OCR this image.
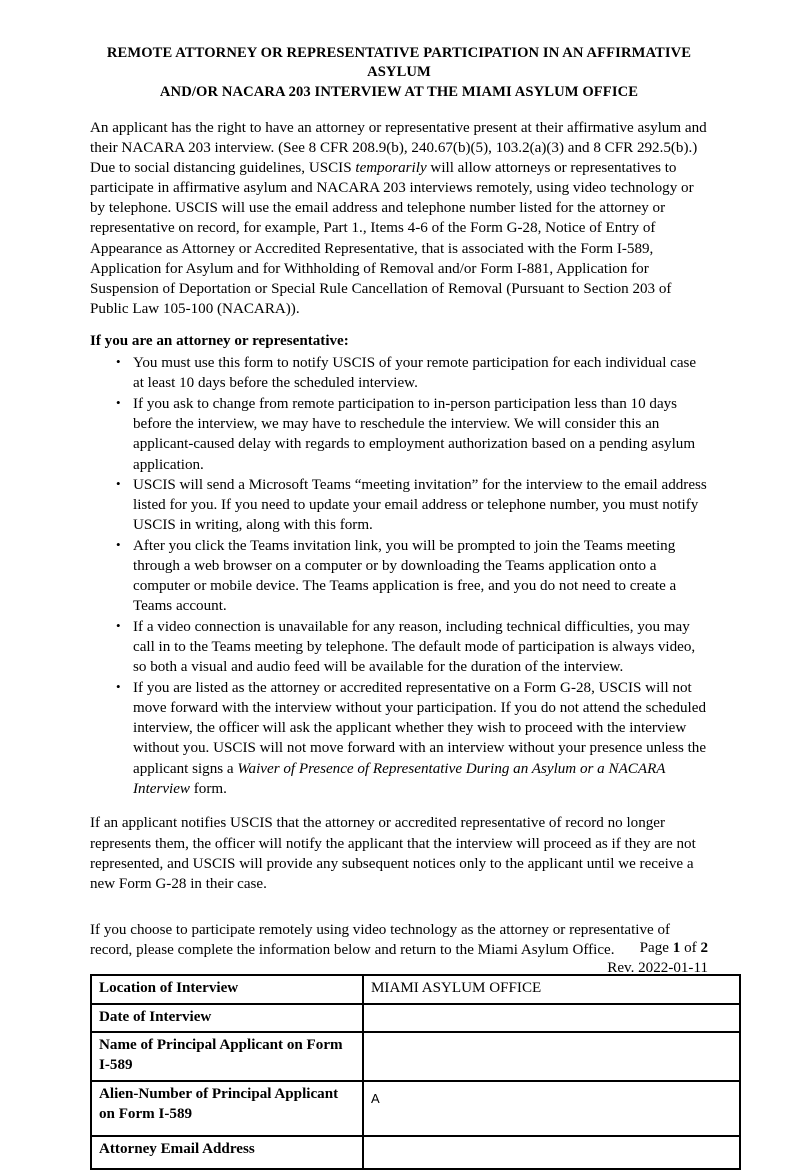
REMOTE ATTORNEY OR REPRESENTATIVE PARTICIPATION IN AN AFFIRMATIVE ASYLUM
AND/OR NACARA 203 INTERVIEW AT THE MIAMI ASYLUM OFFICE

An applicant has the right to have an attorney or representative present at their affirmative asylum and their NACARA 203 interview. (See 8 CFR 208.9(b), 240.67(b)(5), 103.2(a)(3) and 8 CFR 292.5(b).) Due to social distancing guidelines, USCIS temporarily will allow attorneys or representatives to participate in affirmative asylum and NACARA 203 interviews remotely, using video technology or by telephone. USCIS will use the email address and telephone number listed for the attorney or representative on record, for example, Part 1., Items 4-6 of the Form G-28, Notice of Entry of Appearance as Attorney or Accredited Representative, that is associated with the Form I-589, Application for Asylum and for Withholding of Removal and/or Form I-881, Application for Suspension of Deportation or Special Rule Cancellation of Removal (Pursuant to Section 203 of Public Law 105-100 (NACARA)).

If you are an attorney or representative:
• You must use this form to notify USCIS of your remote participation for each individual case at least 10 days before the scheduled interview.
• If you ask to change from remote participation to in-person participation less than 10 days before the interview, we may have to reschedule the interview. We will consider this an applicant-caused delay with regards to employment authorization based on a pending asylum application.
• USCIS will send a Microsoft Teams “meeting invitation” for the interview to the email address listed for you. If you need to update your email address or telephone number, you must notify USCIS in writing, along with this form.
• After you click the Teams invitation link, you will be prompted to join the Teams meeting through a web browser on a computer or by downloading the Teams application onto a computer or mobile device. The Teams application is free, and you do not need to create a Teams account.
• If a video connection is unavailable for any reason, including technical difficulties, you may call in to the Teams meeting by telephone. The default mode of participation is always video, so both a visual and audio feed will be available for the duration of the interview.
• If you are listed as the attorney or accredited representative on a Form G-28, USCIS will not move forward with the interview without your participation. If you do not attend the scheduled interview, the officer will ask the applicant whether they wish to proceed with the interview without you. USCIS will not move forward with an interview without your presence unless the applicant signs a Waiver of Presence of Representative During an Asylum or a NACARA Interview form.

If an applicant notifies USCIS that the attorney or accredited representative of record no longer represents them, the officer will notify the applicant that the interview will proceed as if they are not represented, and USCIS will provide any subsequent notices only to the applicant until we receive a new Form G-28 in their case.

If you choose to participate remotely using video technology as the attorney or representative of record, please complete the information below and return to the Miami Asylum Office.

Location of Interview	MIAMI ASYLUM OFFICE
Date of Interview	
Name of Principal Applicant on Form I-589	
Alien-Number of Principal Applicant on Form I-589	A
Attorney Email Address	
Page 1 of 2
Rev. 2022-01-11
